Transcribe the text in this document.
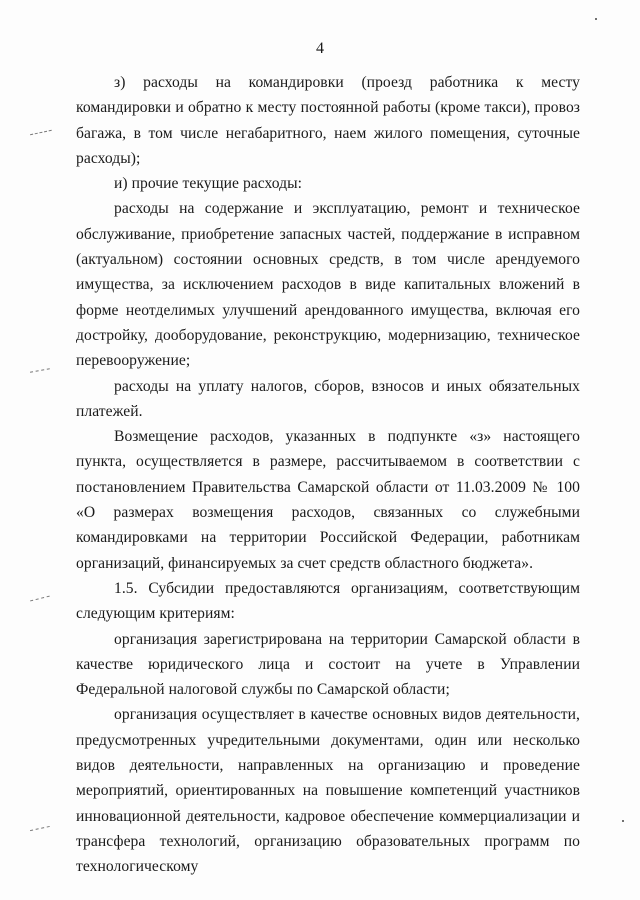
4

з) расходы на командировки (проезд работника к месту командировки и обратно к месту постоянной работы (кроме такси), провоз багажа, в том числе негабаритного, наем жилого помещения, суточные расходы);

и) прочие текущие расходы:

расходы на содержание и эксплуатацию, ремонт и техническое обслуживание, приобретение запасных частей, поддержание в исправном (актуальном) состоянии основных средств, в том числе арендуемого имущества, за исключением расходов в виде капитальных вложений в форме неотделимых улучшений арендованного имущества, включая его достройку, дооборудование, реконструкцию, модернизацию, техническое перевооружение;

расходы на уплату налогов, сборов, взносов и иных обязательных платежей.

Возмещение расходов, указанных в подпункте «з» настоящего пункта, осуществляется в размере, рассчитываемом в соответствии с постановлением Правительства Самарской области от 11.03.2009 № 100 «О размерах возмещения расходов, связанных со служебными командировками на территории Российской Федерации, работникам организаций, финансируемых за счет средств областного бюджета».

1.5. Субсидии предоставляются организациям, соответствующим следующим критериям:

организация зарегистрирована на территории Самарской области в качестве юридического лица и состоит на учете в Управлении Федеральной налоговой службы по Самарской области;

организация осуществляет в качестве основных видов деятельности, предусмотренных учредительными документами, один или несколько видов деятельности, направленных на организацию и проведение мероприятий, ориентированных на повышение компетенций участников инновационной деятельности, кадровое обеспечение коммерциализации и трансфера технологий, организацию образовательных программ по технологическому
